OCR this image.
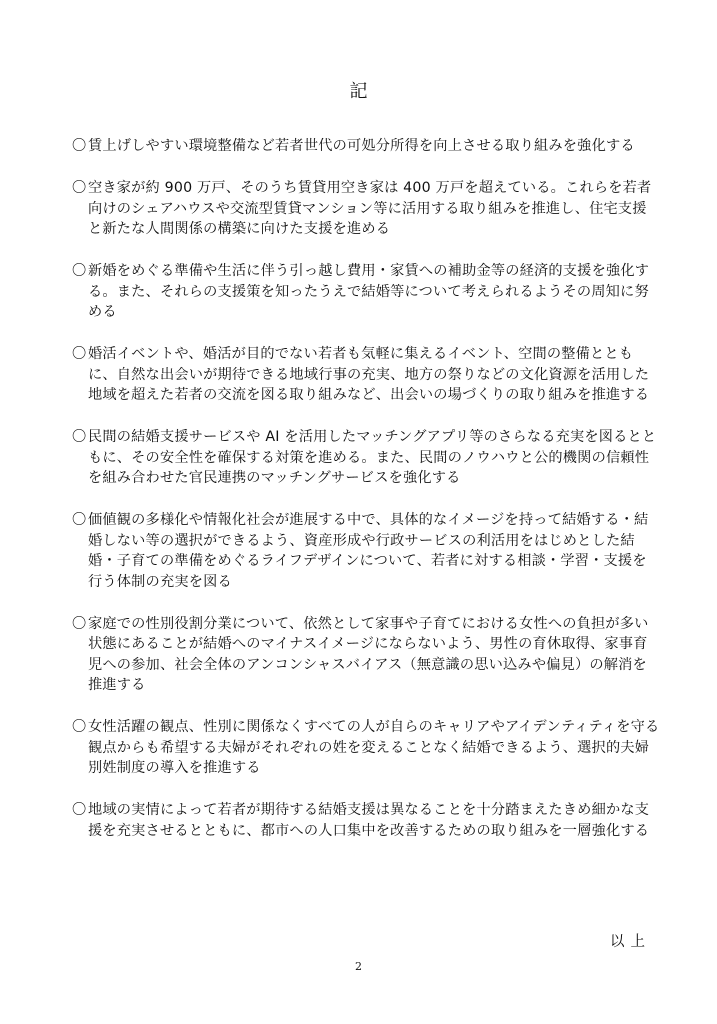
記
〇 賃上げしやすい環境整備など若者世代の可処分所得を向上させる取り組みを強化する
〇 空き家が約 900 万戸、そのうち賃貸用空き家は 400 万戸を超えている。これらを若者向けのシェアハウスや交流型賃貸マンション等に活用する取り組みを推進し、住宅支援と新たな人間関係の構築に向けた支援を進める
〇 新婚をめぐる準備や生活に伴う引っ越し費用・家賃への補助金等の経済的支援を強化する。また、それらの支援策を知ったうえで結婚等について考えられるようその周知に努める
〇 婚活イベントや、婚活が目的でない若者も気軽に集えるイベント、空間の整備とともに、自然な出会いが期待できる地域行事の充実、地方の祭りなどの文化資源を活用した地域を超えた若者の交流を図る取り組みなど、出会いの場づくりの取り組みを推進する
〇 民間の結婚支援サービスや AI を活用したマッチングアプリ等のさらなる充実を図るとともに、その安全性を確保する対策を進める。また、民間のノウハウと公的機関の信頼性を組み合わせた官民連携のマッチングサービスを強化する
〇 価値観の多様化や情報化社会が進展する中で、具体的なイメージを持って結婚する・結婚しない等の選択ができるよう、資産形成や行政サービスの利活用をはじめとした結婚・子育ての準備をめぐるライフデザインについて、若者に対する相談・学習・支援を行う体制の充実を図る
〇 家庭での性別役割分業について、依然として家事や子育てにおける女性への負担が多い状態にあることが結婚へのマイナスイメージにならないよう、男性の育休取得、家事育児への参加、社会全体のアンコンシャスバイアス（無意識の思い込みや偏見）の解消を推進する
〇 女性活躍の観点、性別に関係なくすべての人が自らのキャリアやアイデンティティを守る観点からも希望する夫婦がそれぞれの姓を変えることなく結婚できるよう、選択的夫婦別姓制度の導入を推進する
〇 地域の実情によって若者が期待する結婚支援は異なることを十分踏まえたきめ細かな支援を充実させるとともに、都市への人口集中を改善するための取り組みを一層強化する
以上
2
